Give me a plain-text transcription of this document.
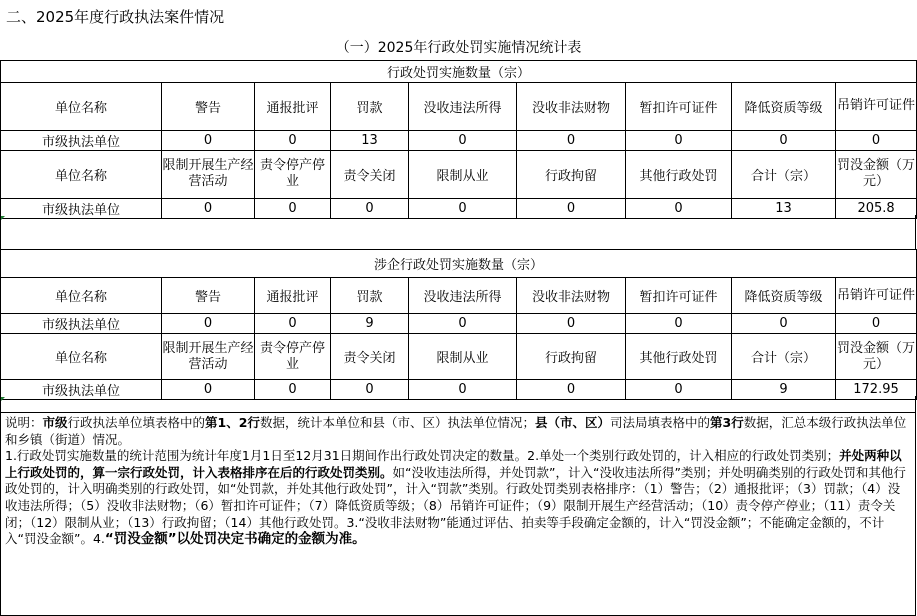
二、2025年度行政执法案件情况
（一）2025年行政处罚实施情况统计表								
行政处罚实施数量（宗）								
单位名称	警告	通报批评	罚款	没收违法所得	没收非法财物	暂扣许可证件	降低资质等级	吊销许可证件
市级执法单位	0	0	13	0	0	0	0	0
单位名称	限制开展生产经营活动	责令停产停业	责令关闭	限制从业	行政拘留	其他行政处罚	合计（宗）	罚没金额（万元）
市级执法单位	0	0	0	0	0	0	13	205.8
涉企行政处罚实施数量（宗）								
单位名称	警告	通报批评	罚款	没收违法所得	没收非法财物	暂扣许可证件	降低资质等级	吊销许可证件
市级执法单位	0	0	9	0	0	0	0	0
单位名称	限制开展生产经营活动	责令停产停业	责令关闭	限制从业	行政拘留	其他行政处罚	合计（宗）	罚没金额（万元）
市级执法单位	0	0	0	0	0	0	9	172.95
说明：市级行政执法单位填表格中的第1、2行数据，统计本单位和县（市、区）执法单位情况；县（市、区）司法局填表格中的第3行数据，汇总本级行政执法单位和乡镇（街道）情况。
1.行政处罚实施数量的统计范围为统计年度1月1日至12月31日期间作出行政处罚决定的数量。2.单处一个类别行政处罚的，计入相应的行政处罚类别；并处两种以上行政处罚的，算一宗行政处罚，计入表格排序在后的行政处罚类别。如“没收违法所得，并处罚款”，计入“没收违法所得”类别；并处明确类别的行政处罚和其他行政处罚的，计入明确类别的行政处罚，如“处罚款，并处其他行政处罚”，计入“罚款”类别。行政处罚类别表格排序：（1）警告；（2）通报批评；（3）罚款；（4）没收违法所得；（5）没收非法财物；（6）暂扣许可证件；（7）降低资质等级；（8）吊销许可证件；（9）限制开展生产经营活动；（10）责令停产停业；（11）责令关闭；（12）限制从业；（13）行政拘留；（14）其他行政处罚。3.“没收非法财物”能通过评估、拍卖等手段确定金额的，计入“罚没金额”；不能确定金额的，不计入“罚没金额”。4.“罚没金额”以处罚决定书确定的金额为准。
